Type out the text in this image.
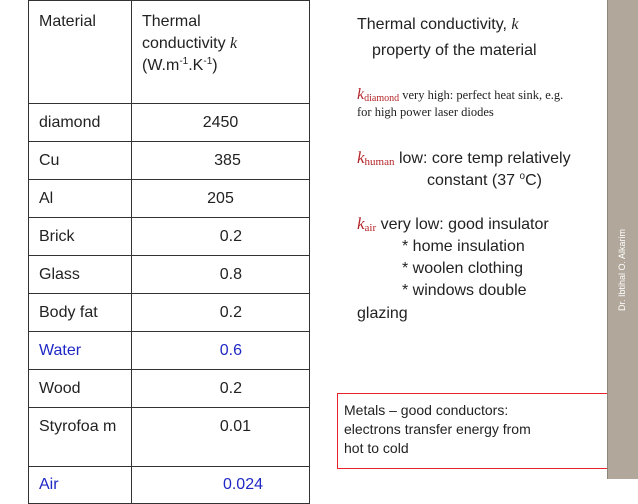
Material	Thermal
conductivity k
$(W.m^{-1}.K^{-1})$
diamond	2450
Cu	385
Al	205
Brick	0.2
Glass	0.8
Body fat	0.2
Water	0.6
Wood	0.2
Styrofoa m	0.01
Air	0.024
Thermal conductivity, k
property of the material
$k_{diamond}$ very high: perfect heat sink, e.g.
for high power laser diodes
$k_{human}$ low: core temp relatively
constant (37 $^o$C)
$k_{air}$ very low: good insulator
* home insulation
* woolen clothing
* windows double
glazing
Metals – good conductors:
electrons transfer energy from
hot to cold
Dr. Ibtihal O. Alkarim
